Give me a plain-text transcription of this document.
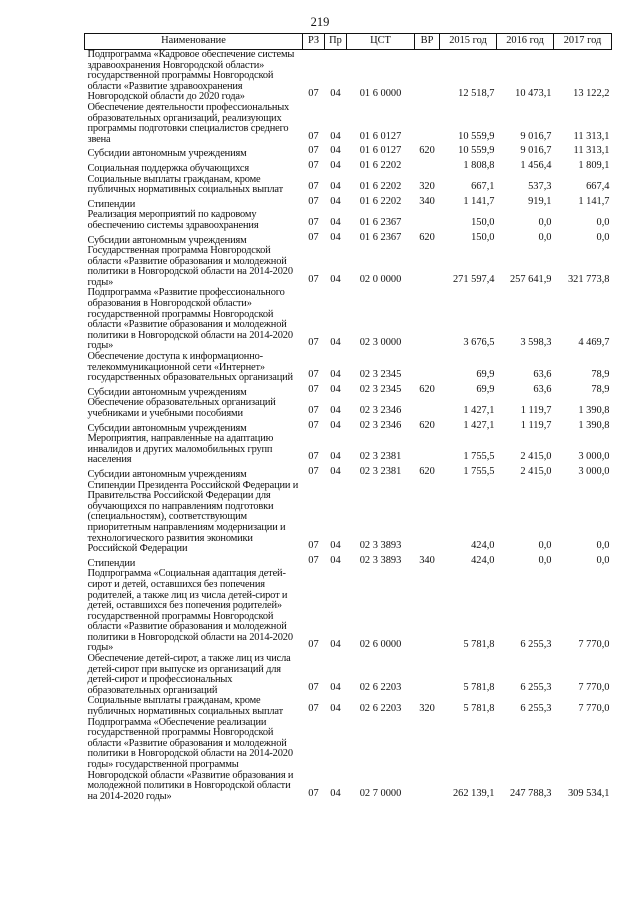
219
Наименование	РЗ	Пр	ЦСТ	ВР	2015 год	2016 год	2017 год
Подпрограмма «Кадровое обеспечение системы здравоохранения Новгородской области» государственной программы Новгородской области «Развитие здравоохранения Новгородской области до 2020 года»	07	04	01 6 0000		12 518,7	10 473,1	13 122,2
Обеспечение деятельности профессиональных образовательных организаций, реализующих программы подготовки специалистов среднего звена	07	04	01 6 0127		10 559,9	9 016,7	11 313,1
Субсидии автономным учреждениям	07	04	01 6 0127	620	10 559,9	9 016,7	11 313,1
Социальная поддержка обучающихся	07	04	01 6 2202		1 808,8	1 456,4	1 809,1
Социальные выплаты гражданам, кроме публичных нормативных социальных выплат	07	04	01 6 2202	320	667,1	537,3	667,4
Стипендии	07	04	01 6 2202	340	1 141,7	919,1	1 141,7
Реализация мероприятий по кадровому обеспечению системы здравоохранения	07	04	01 6 2367		150,0	0,0	0,0
Субсидии автономным учреждениям	07	04	01 6 2367	620	150,0	0,0	0,0
Государственная программа Новгородской области «Развитие образования и молодежной политики в Новгородской области на 2014-2020 годы»	07	04	02 0 0000		271 597,4	257 641,9	321 773,8
Подпрограмма «Развитие профессионального образования в Новгородской области» государственной программы Новгородской области «Развитие образования и молодежной политики в Новгородской области на 2014-2020 годы»	07	04	02 3 0000		3 676,5	3 598,3	4 469,7
Обеспечение доступа к информационно-телекоммуникационной сети «Интернет» государственных образовательных организаций	07	04	02 3 2345		69,9	63,6	78,9
Субсидии автономным учреждениям	07	04	02 3 2345	620	69,9	63,6	78,9
Обеспечение образовательных организаций учебниками и учебными пособиями	07	04	02 3 2346		1 427,1	1 119,7	1 390,8
Субсидии автономным учреждениям	07	04	02 3 2346	620	1 427,1	1 119,7	1 390,8
Мероприятия, направленные на адаптацию инвалидов и других маломобильных групп населения	07	04	02 3 2381		1 755,5	2 415,0	3 000,0
Субсидии автономным учреждениям	07	04	02 3 2381	620	1 755,5	2 415,0	3 000,0
Стипендии Президента Российской Федерации и Правительства Российской Федерации для обучающихся по направлениям подготовки (специальностям), соответствующим приоритетным направлениям модернизации и технологического развития экономики Российской Федерации	07	04	02 3 3893		424,0	0,0	0,0
Стипендии	07	04	02 3 3893	340	424,0	0,0	0,0
Подпрограмма «Социальная адаптация детей-сирот и детей, оставшихся без попечения родителей, а также лиц из числа детей-сирот и детей, оставшихся без попечения родителей» государственной программы Новгородской области «Развитие образования и молодежной политики в Новгородской области на 2014-2020 годы»	07	04	02 6 0000		5 781,8	6 255,3	7 770,0
Обеспечение детей-сирот, а также лиц из числа детей-сирот при выпуске из организаций для детей-сирот и профессиональных образовательных организаций	07	04	02 6 2203		5 781,8	6 255,3	7 770,0
Социальные выплаты гражданам, кроме публичных нормативных социальных выплат	07	04	02 6 2203	320	5 781,8	6 255,3	7 770,0
Подпрограмма «Обеспечение реализации государственной программы Новгородской области «Развитие образования и молодежной политики в Новгородской области на 2014-2020 годы» государственной программы Новгородской области «Развитие образования и молодежной политики в Новгородской области на 2014-2020 годы»	07	04	02 7 0000		262 139,1	247 788,3	309 534,1
